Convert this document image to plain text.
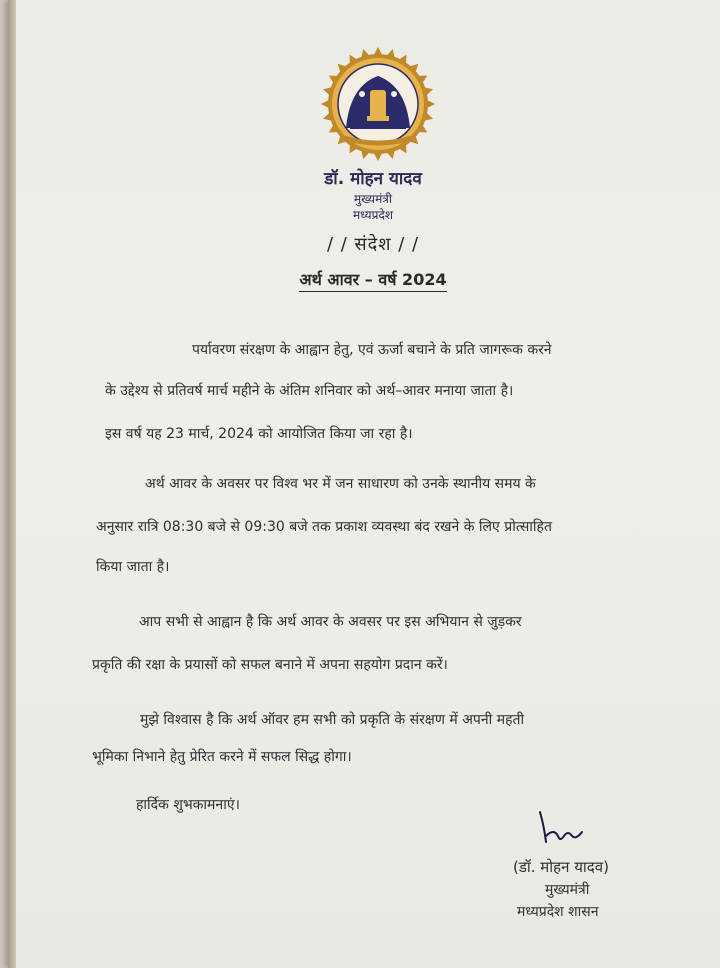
डॉ. मोहन यादव
मुख्यमंत्री
मध्यप्रदेश
/ / संदेश / /
अर्थ आवर – वर्ष 2024
पर्यावरण संरक्षण के आह्वान हेतु, एवं ऊर्जा बचाने के प्रति जागरूक करने
के उद्देश्य से प्रतिवर्ष मार्च महीने के अंतिम शनिवार को अर्थ–आवर मनाया जाता है।
इस वर्ष यह 23 मार्च, 2024 को आयोजित किया जा रहा है।
अर्थ आवर के अवसर पर विश्व भर में जन साधारण को उनके स्थानीय समय के
अनुसार रात्रि 08:30 बजे से 09:30 बजे तक प्रकाश व्यवस्था बंद रखने के लिए प्रोत्साहित
किया जाता है।
आप सभी से आह्वान है कि अर्थ आवर के अवसर पर इस अभियान से जुड़कर
प्रकृति की रक्षा के प्रयासों को सफल बनाने में अपना सहयोग प्रदान करें।
मुझे विश्वास है कि अर्थ ऑवर हम सभी को प्रकृति के संरक्षण में अपनी महती
भूमिका निभाने हेतु प्रेरित करने में सफल सिद्ध होगा।
हार्दिक शुभकामनाएं।
(डॉ. मोहन यादव)
मुख्यमंत्री
मध्यप्रदेश शासन
